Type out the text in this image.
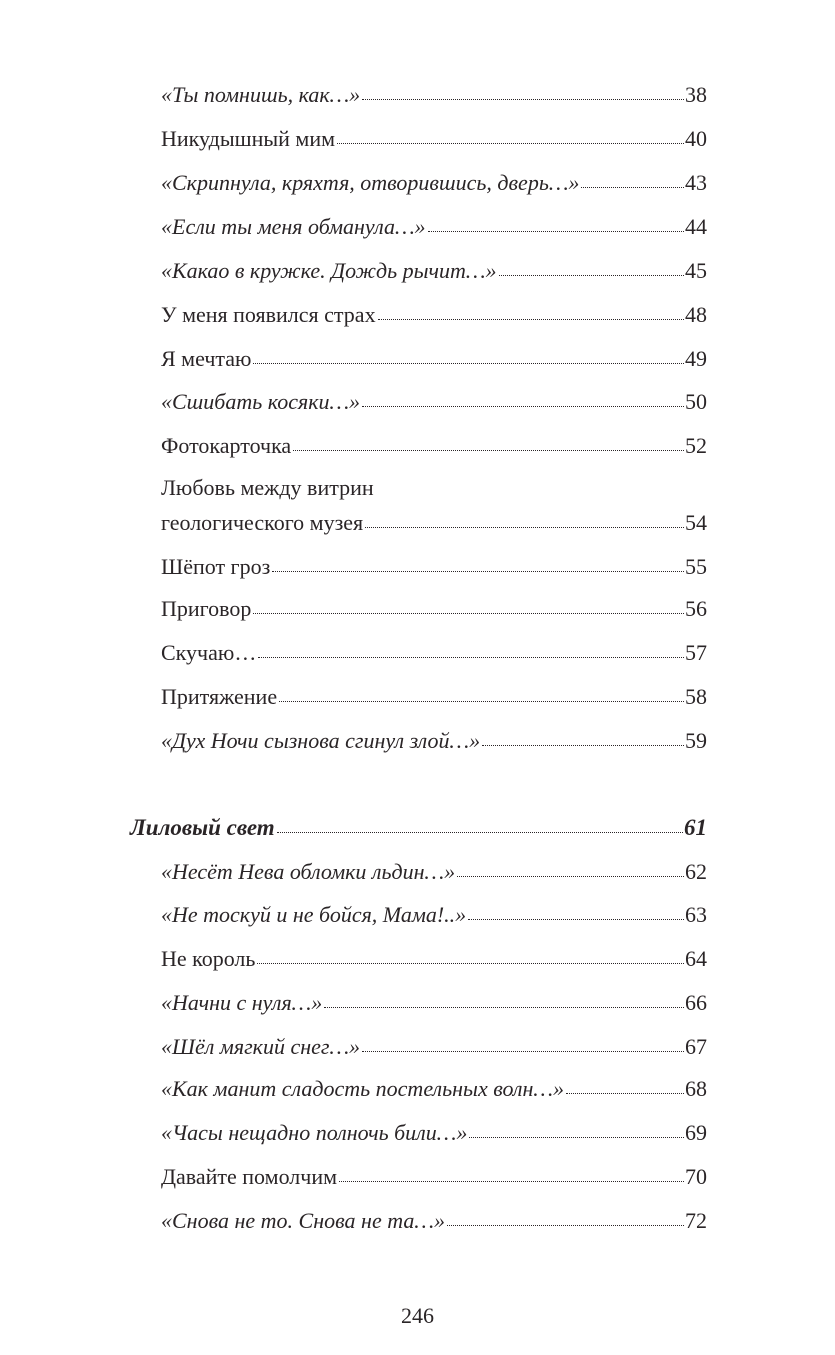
«Ты помнишь, как…»	38
Никудышный мим	40
«Скрипнула, кряхтя, отворившись, дверь…»	43
«Если ты меня обманула…»	44
«Какао в кружке. Дождь рычит…»	45
У меня появился страх	48
Я мечтаю	49
«Сшибать косяки…»	50
Фотокарточка	52
Любовь между витрин
геологического музея	54
Шёпот гроз	55
Приговор	56
Скучаю…	57
Притяжение	58
«Дух Ночи сызнова сгинул злой…»	59
Лиловый свет	61
«Несёт Нева обломки льдин…»	62
«Не тоскуй и не бойся, Мама!..»	63
Не король	64
«Начни с нуля…»	66
«Шёл мягкий снег…»	67
«Как манит сладость постельных волн…»	68
«Часы нещадно полночь били…»	69
Давайте помолчим	70
«Снова не то. Снова не та…»	72
246
